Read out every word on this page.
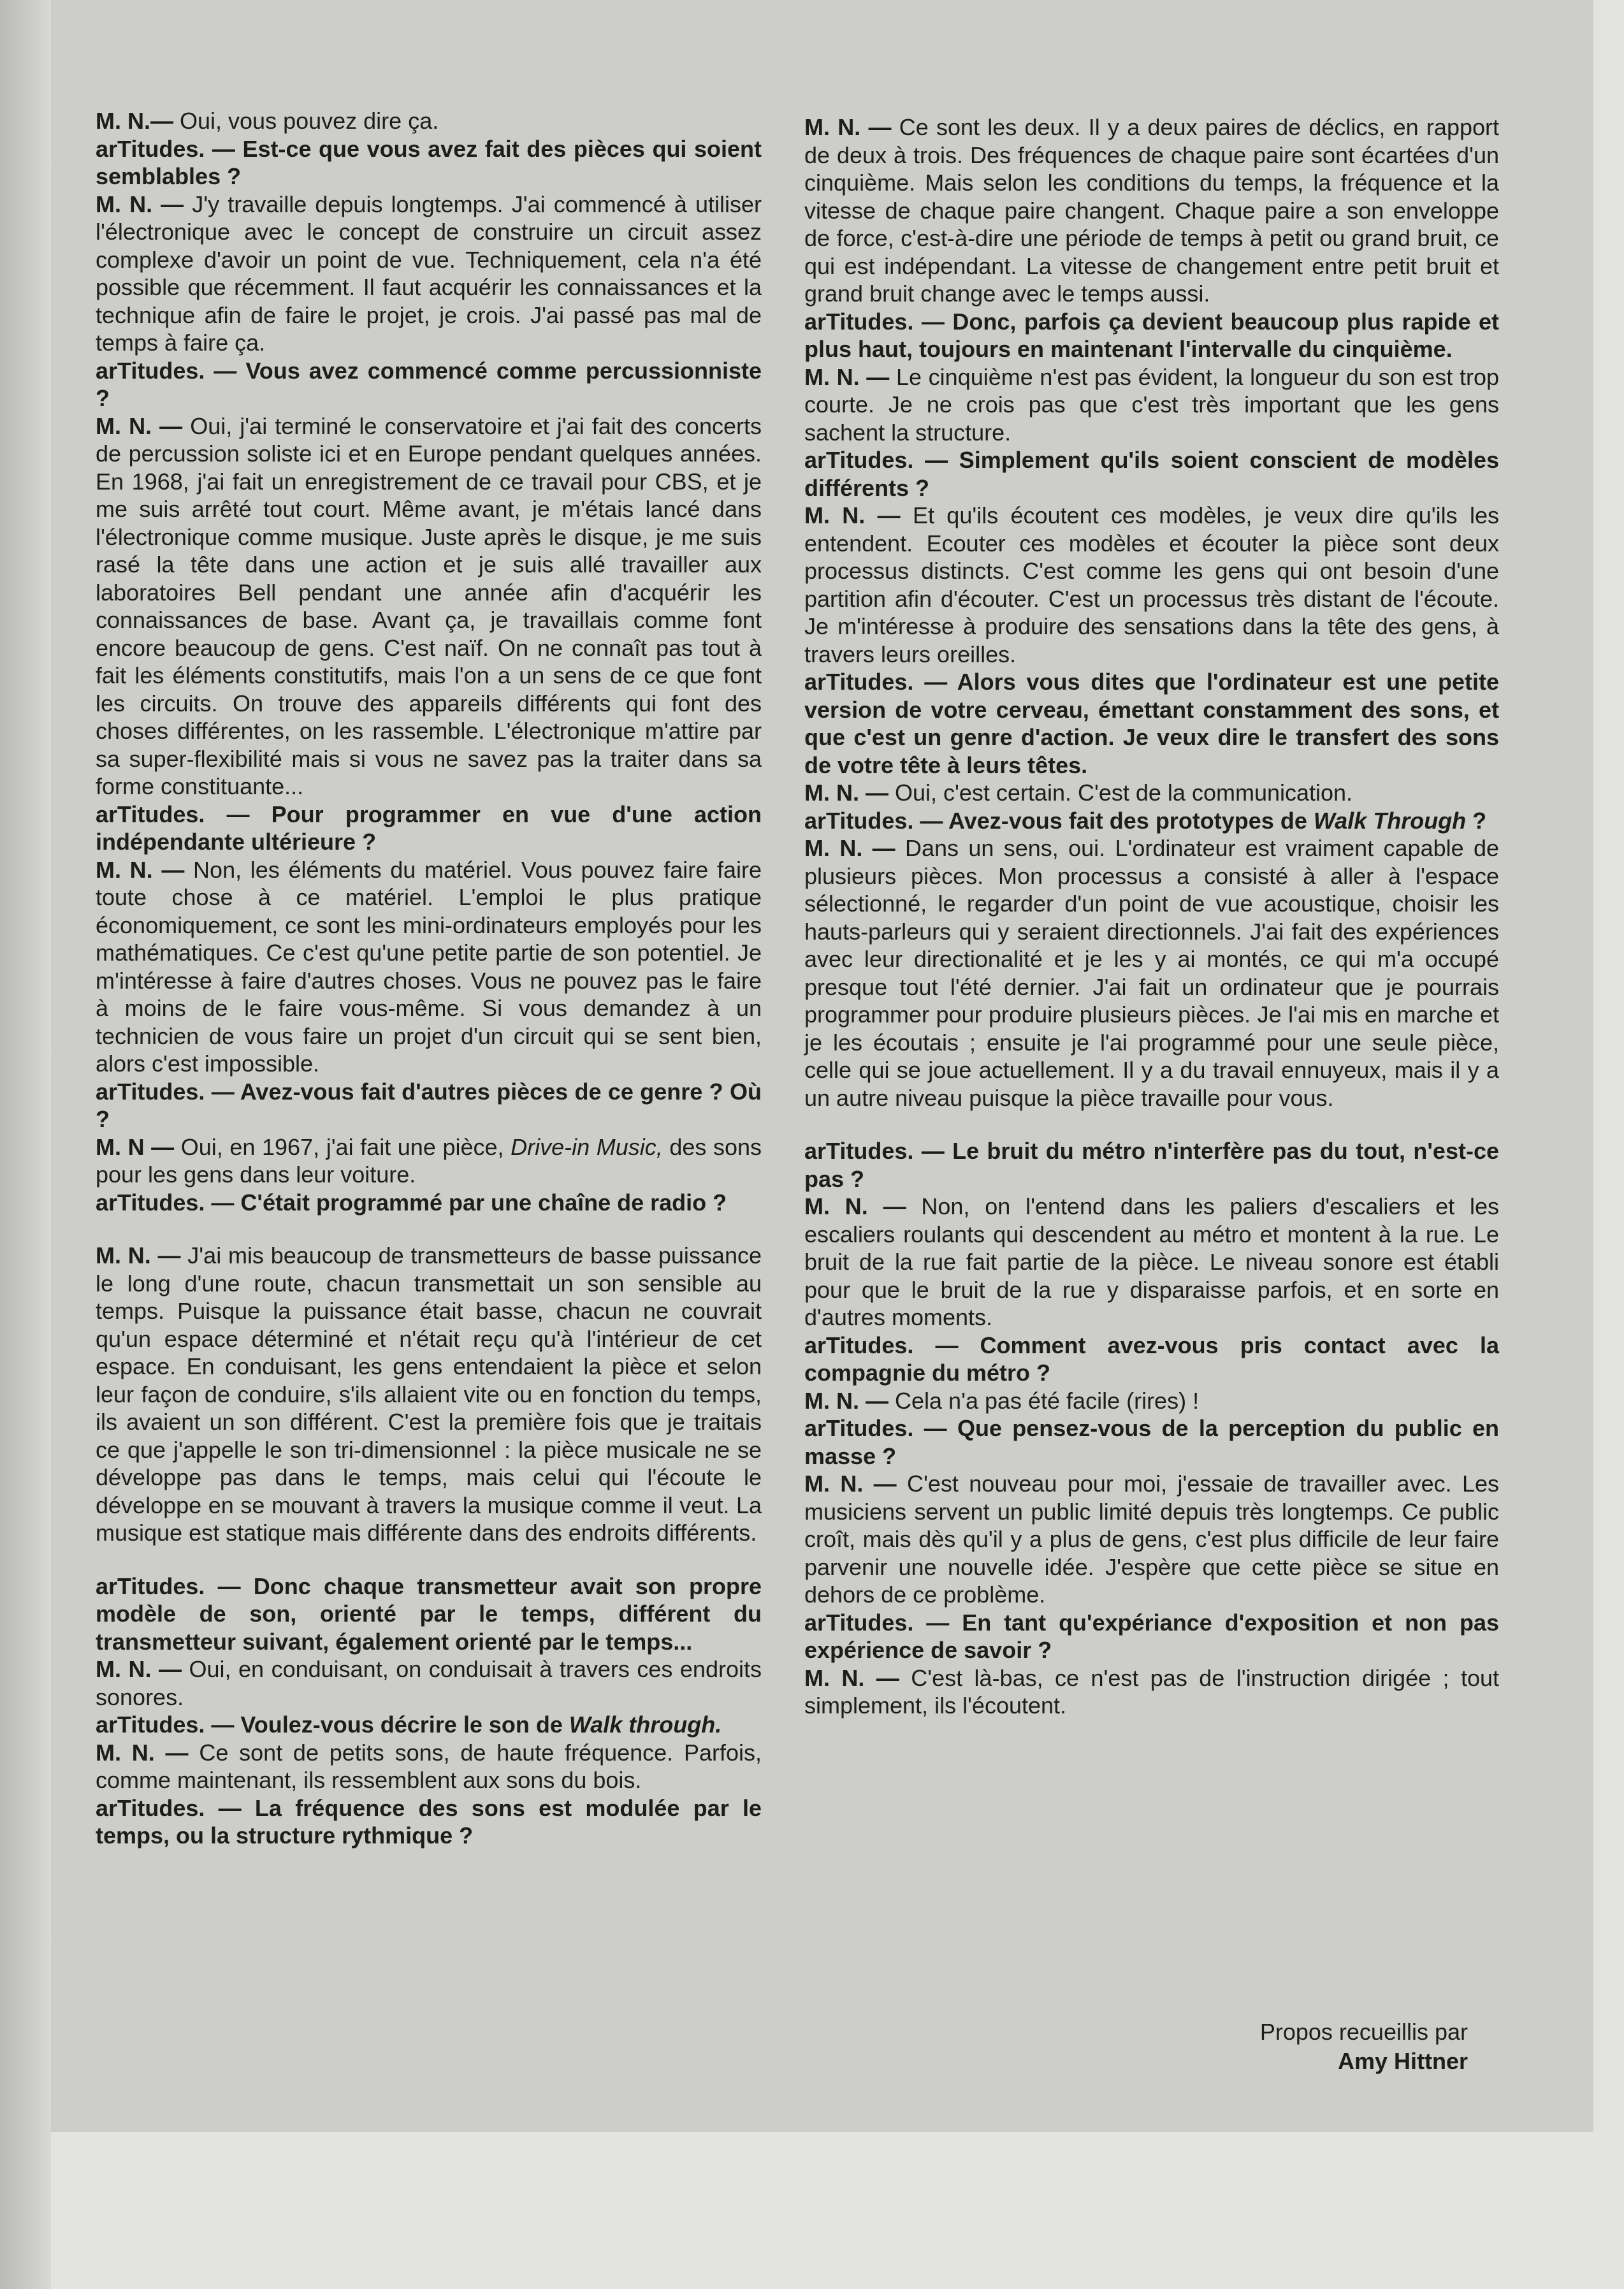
M. N.— Oui, vous pouvez dire ça.

arTitudes. — Est-ce que vous avez fait des pièces qui soient semblables ?

M. N. — J'y travaille depuis longtemps. J'ai commencé à utiliser l'électronique avec le concept de construire un circuit assez complexe d'avoir un point de vue. Techniquement, cela n'a été possible que récemment. Il faut acquérir les connaissances et la technique afin de faire le projet, je crois. J'ai passé pas mal de temps à faire ça.

arTitudes. — Vous avez commencé comme percussionniste ?

M. N. — Oui, j'ai terminé le conservatoire et j'ai fait des concerts de percussion soliste ici et en Europe pendant quelques années. En 1968, j'ai fait un enregistrement de ce travail pour CBS, et je me suis arrêté tout court. Même avant, je m'étais lancé dans l'électronique comme musique. Juste après le disque, je me suis rasé la tête dans une action et je suis allé travailler aux laboratoires Bell pendant une année afin d'acquérir les connaissances de base. Avant ça, je travaillais comme font encore beaucoup de gens. C'est naïf. On ne connaît pas tout à fait les éléments constitutifs, mais l'on a un sens de ce que font les circuits. On trouve des appareils différents qui font des choses différentes, on les rassemble. L'électronique m'attire par sa super-flexibilité mais si vous ne savez pas la traiter dans sa forme constituante...

arTitudes. — Pour programmer en vue d'une action indépendante ultérieure ?

M. N. — Non, les éléments du matériel. Vous pouvez faire faire toute chose à ce matériel. L'emploi le plus pratique économiquement, ce sont les mini-ordinateurs employés pour les mathématiques. Ce c'est qu'une petite partie de son potentiel. Je m'intéresse à faire d'autres choses. Vous ne pouvez pas le faire à moins de le faire vous-même. Si vous demandez à un technicien de vous faire un projet d'un circuit qui se sent bien, alors c'est impossible.

arTitudes. — Avez-vous fait d'autres pièces de ce genre ? Où ?

M. N — Oui, en 1967, j'ai fait une pièce, Drive-in Music, des sons pour les gens dans leur voiture.

arTitudes. — C'était programmé par une chaîne de radio ?

M. N. — J'ai mis beaucoup de transmetteurs de basse puissance le long d'une route, chacun transmettait un son sensible au temps. Puisque la puissance était basse, chacun ne couvrait qu'un espace déterminé et n'était reçu qu'à l'intérieur de cet espace. En conduisant, les gens entendaient la pièce et selon leur façon de conduire, s'ils allaient vite ou en fonction du temps, ils avaient un son différent. C'est la première fois que je traitais ce que j'appelle le son tri-dimensionnel : la pièce musicale ne se développe pas dans le temps, mais celui qui l'écoute le développe en se mouvant à travers la musique comme il veut. La musique est statique mais différente dans des endroits différents.

arTitudes. — Donc chaque transmetteur avait son propre modèle de son, orienté par le temps, différent du transmetteur suivant, également orienté par le temps...

M. N. — Oui, en conduisant, on conduisait à travers ces endroits sonores.

arTitudes. — Voulez-vous décrire le son de Walk through.

M. N. — Ce sont de petits sons, de haute fréquence. Parfois, comme maintenant, ils ressemblent aux sons du bois.

arTitudes. — La fréquence des sons est modulée par le temps, ou la structure rythmique ?

M. N. — Ce sont les deux. Il y a deux paires de déclics, en rapport de deux à trois. Des fréquences de chaque paire sont écartées d'un cinquième. Mais selon les conditions du temps, la fréquence et la vitesse de chaque paire changent. Chaque paire a son enveloppe de force, c'est-à-dire une période de temps à petit ou grand bruit, ce qui est indépendant. La vitesse de changement entre petit bruit et grand bruit change avec le temps aussi.

arTitudes. — Donc, parfois ça devient beaucoup plus rapide et plus haut, toujours en maintenant l'intervalle du cinquième.

M. N. — Le cinquième n'est pas évident, la longueur du son est trop courte. Je ne crois pas que c'est très important que les gens sachent la structure.

arTitudes. — Simplement qu'ils soient conscient de modèles différents ?

M. N. — Et qu'ils écoutent ces modèles, je veux dire qu'ils les entendent. Ecouter ces modèles et écouter la pièce sont deux processus distincts. C'est comme les gens qui ont besoin d'une partition afin d'écouter. C'est un processus très distant de l'écoute. Je m'intéresse à produire des sensations dans la tête des gens, à travers leurs oreilles.

arTitudes. — Alors vous dites que l'ordinateur est une petite version de votre cerveau, émettant constamment des sons, et que c'est un genre d'action. Je veux dire le transfert des sons de votre tête à leurs têtes.

M. N. — Oui, c'est certain. C'est de la communication.

arTitudes. — Avez-vous fait des prototypes de Walk Through ?

M. N. — Dans un sens, oui. L'ordinateur est vraiment capable de plusieurs pièces. Mon processus a consisté à aller à l'espace sélectionné, le regarder d'un point de vue acoustique, choisir les hauts-parleurs qui y seraient directionnels. J'ai fait des expériences avec leur directionalité et je les y ai montés, ce qui m'a occupé presque tout l'été dernier. J'ai fait un ordinateur que je pourrais programmer pour produire plusieurs pièces. Je l'ai mis en marche et je les écoutais ; ensuite je l'ai programmé pour une seule pièce, celle qui se joue actuellement. Il y a du travail ennuyeux, mais il y a un autre niveau puisque la pièce travaille pour vous.

arTitudes. — Le bruit du métro n'interfère pas du tout, n'est-ce pas ?

M. N. — Non, on l'entend dans les paliers d'escaliers et les escaliers roulants qui descendent au métro et montent à la rue. Le bruit de la rue fait partie de la pièce. Le niveau sonore est établi pour que le bruit de la rue y disparaisse parfois, et en sorte en d'autres moments.

arTitudes. — Comment avez-vous pris contact avec la compagnie du métro ?

M. N. — Cela n'a pas été facile (rires) !

arTitudes. — Que pensez-vous de la perception du public en masse ?

M. N. — C'est nouveau pour moi, j'essaie de travailler avec. Les musiciens servent un public limité depuis très longtemps. Ce public croît, mais dès qu'il y a plus de gens, c'est plus difficile de leur faire parvenir une nouvelle idée. J'espère que cette pièce se situe en dehors de ce problème.

arTitudes. — En tant qu'expériance d'exposition et non pas expérience de savoir ?

M. N. — C'est là-bas, ce n'est pas de l'instruction dirigée ; tout simplement, ils l'écoutent.

Propos recueillis par
Amy Hittner
